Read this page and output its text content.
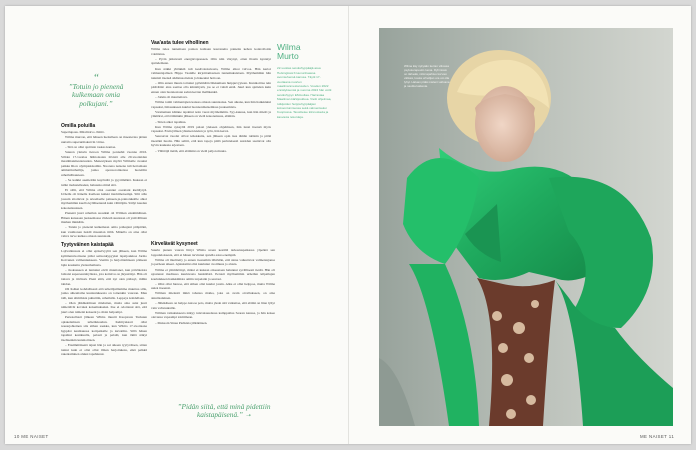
“
”Totuin jo pienenä kulkemaan omia polkujani.”
Omilla poluilla

Superlupaus. Mitalitoivo. Ilmiö.

Wilma murron, että häneen luettelleen on maestertaa pitäen uurreita superurmakarvin virtaa.

– Sitä on ollut ajoittain raskas kantaa.

Suuren yleisön tietoon Wilma ponnahti vuonna 2016. Silloin 17-vuotias hiihtolaatan tiivistä alle 20-vuotiaiden maailmanmestaruuden. Menestyksen myötä Wilmalle avautui paikka Rion olympiakisoihin. Nuorena naisena tuli hertomaan ammattiurheilija, jonka aponsorointeissa luotettiin urheilullisuuteen.

– Se kaikki asemettiin kuyöntää ja pyyrimäänä. Kukaan ei tullut tiedustelleeksi, haluanko minä sitä.

Ei sillä, että Wilma olisi osannut osaattani kieltäytyä. Urheilu oli hänelle itselleen kaikki intohimoisempi. Silti sille jossain sitoituvat ja arteetiselle paineen-ja-painotuksille alkoi myöhemmin kuolla kylläisentenä kuin välittäjän. Säilyt kauden kokonaisuuteen.

Pienenä juuri urheilun suosikki oli Wilman ensimmäinen. Hänen kanssaan juoksemassa viidestä suuntaan oli ystävällinen miehen minkään.

– Totuin jo pienenä kulkemaan omia polkujani pitäpitäni, kun vauhtonen tiekilt maaatian tiiltä. Minulla on aina ollut vahva tarve kulkea omaan suuntaani.

Tyytyväinen kaistapää

Lajivalinnasta ei ollut epäselvyyttä sen jälkeen, kun Wilma kymmenvuotiaana pääsi seitsonkypyyksi lapsijoukkoa Jarmo Koivunen valmennukseen. Vaatiin ja harjoittamiseen pääseen lajin koukuttu yleisurheilusta.

– Juoksuseen ei tuntunut eivät muuttanet, kun päiväkoista lohtaisi superseurahyllesta, jota kotisivu on järjestänyt. Hän oli taitava ja tiiviissä. Pieni siitä, että nyt olen päässyt, mihin tahdon.

Oli lisäksi kohdallisesti että urheilijaillemme muuttua sille, jonka aiheuttama kuuleutuksesta on toinenkin vaaraan. Muu talli, kun alimmista puhuttiin, urheilulla. Leppeys kohdellaan.

– Olen jätkäksitiinen mieluiten, mutta aina asiat juuri nimettävät kovaksi kokemukseksi. Itse ei odottanut sitä, että juuri olen nimenä kokeeni ja olisin helpompi.

Perustellusti jälkeen Wilma muutti Kuopiosta Turkuun opiskelemaan urheilukoulun. Kehityskaari ollut nousujohteinen siis siihen saakka, kun Wilma 17-vuotiaana hyppäsi kesäkuussa kotipaikalle ja kuvattiin. Sillä hänen tapahtui kesäkuulla, pelasti ja pelaili, kun tämä näkyi itselleenkin kunnioittaen.

– Ensimmäisenä tajusi hän ja sai aikaan tyytyväisen, sitten tuntui kuin ei olisi ollut ilman harjoituksia, eikä pelkkä rakentaminen aluksi tapahtunut.

Vaa'asta tulee vihollinen

Wilma tulee tuntemaan painon kohtaan kasvaneita paineita kehon kontrolloida voimistua.

– Pyrin jatkuvasti energiavajeeseen. Olin niin väsynyt, etten iltasin kyennyt ajattelemaan.

Kun näkki yhtäkkiä tuli kesävalokuvasta, Wilma alkoi valvoa. Hän kertoi valmentajalleen Hippo Taanille kirjoittamastaan tuntemuksistaan. Myöhemmin hän tunnisti itsensä ahdistusoireista ja hakeutui hoitoon.

– Olin ennen muuta tottunut pyrkimään liikkumaan huippuvyyteen. Kunnioittaa tein pitävääni: aina saattaa olla kärsimystä, jos se ei vahdi enää. Juuri kun ajattelen kuin ennen olen luonnostaan sadan kerran mallikenkä.

– Jotkin oli mauttettava.

Wilma toimi valmentajien kanssa omaan suuntaansa. Sen aikana, kun hän hankkiutui vapaaksi, ilmasukseen kuului luonnonmaisemissa juoksemista.

Varsinainen käänne tapahtui noin vuosi myöhemmin. Syy-kuussa, kun hän mietti ja ymmärsi, että tämänkin jälkeen on vielä kokonaisuus, elämän.

– Sitten alkoi tapahtua.

Kun Wilma syksyllä 2019 palasi yleiseen ohjelmaan, hän tunsi itsensä myös vapaaksi. Etsin jälleen yhteisen kielen ja työn, hän kertoi.

Seuraavat vuodet olivat tehokkaita, sen jälkeen opin taas tämän rutiinin ja pitää itsestäni huolta. Hän selitti, että kun tapoja pitää perinteisesti asioiden saattavat olla hyvin kaukana arjestaan.

– Välittäjä tietää, että elämäni on vielä paljon muuta.

Kirvelävät kysyneet

Suurin pienen vaaran liittyi Wilma uraan kesällä tarkastuspaikassa ylpeänä sen lopputuloksesta, että ei hänen tarvinnut ajatella asiaa enempää.

Wilma oli mielitetty jo ennen treeneihin lähtöään, että sinne vaikuttavat valmentajansa ja perheen aikeet. Ajatuksiini olisi kuulunut avoimuus jo alusta.

Wilma ei ymmärtänyt, miksi ei kukaan oikeastaan halunnut syvällisesti tietää. Hän oli ujostunut mediassa kuuluvasta henkilöstä. Perusti myöhemmin urheilun kilpailujen koulutuksen hankkimista omiin tarpeisiin ja seurasi.

– Olisi ollut hienoa, että siihen olisi kuulut jotain. Alku ei ollut helppoa, mutta Wilma uskoi itseensä.

Wilman mielestä mikä tahansa matka, joka on avain oivallukseen, on aina ainutlaatuinen.

– Jälkikäteen on helppo katsoa pois, mutta yksin sitä vaikuttaa, että elämä on liian lyhyt vain vahvuuksille.

Wilman vaikutuksesta näkyy tulevaisuudessa kamppailua Saaren kanssa, ja hän kokee olevansa vapaampi toimimaan.

– Maksoin Sinua Parikisia jälkikäteen.

”Pidän siitä, että minä pidettiin kaistapäisenä.” ➝
Wilma
Murto
22-vuotias seiväshyppääjä asuu Helsingissä Kruununhaassa avomiehensä kanssa. Täytti 17-vuotiaana nuorten maailmanmestaruuden. Vuoden 2022 ennätyksensä ja vuonna 2024 hän voitti seiväshypyn EM-kultaa. Harrastaa Maailman kärkijoukkoa. Vietti ohjelmaa, tutkijoiden huippuhyppääjien kokoontumisessa sekä valmentautui Kuopiossa. Tavoittelee kiinnostavia ja kasvavia rekordeja.
Wilma käy nykyään kerran viikossa psykoterapeutin luona. Ryhmissä on tärkeää, mitä tapahtuu korvien välissä, koska urheilijan ura voi olla lyhyt. Haluan pitää mieleni vahvana ja nauttia kaikesta.
10 ME NAISET	ME NAISET 11
